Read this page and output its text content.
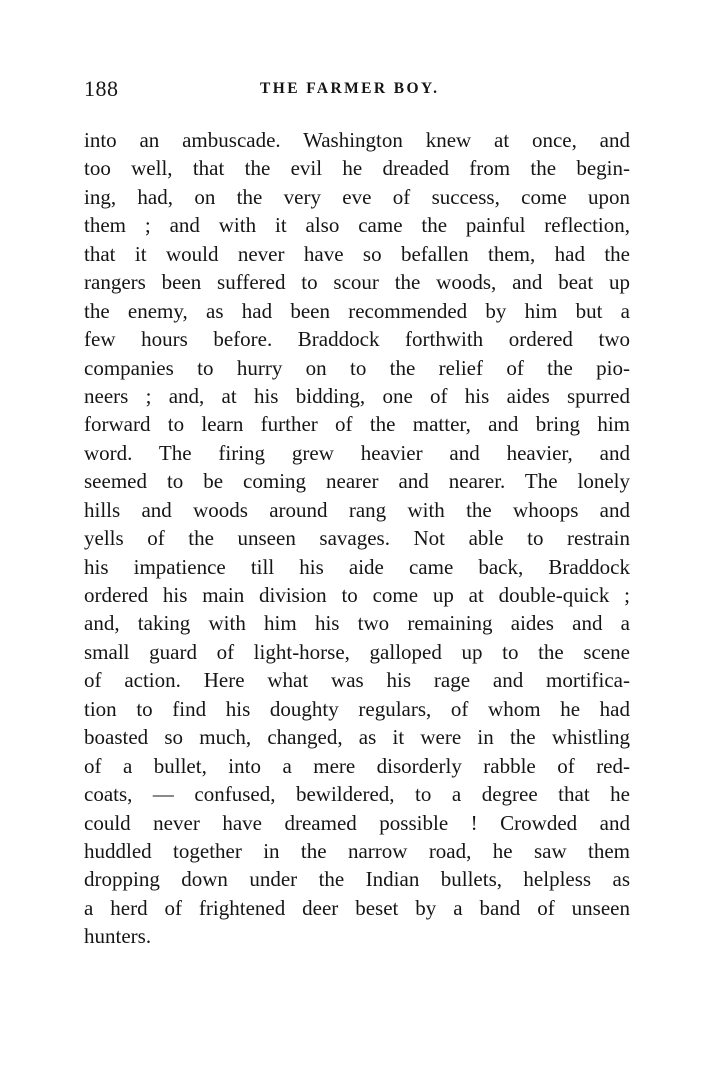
188	THE FARMER BOY.
into an ambuscade. Washington knew at once, and
too well, that the evil he dreaded from the begin-
ing, had, on the very eve of success, come upon
them ; and with it also came the painful reflection,
that it would never have so befallen them, had the
rangers been suffered to scour the woods, and beat up
the enemy, as had been recommended by him but a
few hours before. Braddock forthwith ordered two
companies to hurry on to the relief of the pio-
neers ; and, at his bidding, one of his aides spurred
forward to learn further of the matter, and bring him
word. The firing grew heavier and heavier, and
seemed to be coming nearer and nearer. The lonely
hills and woods around rang with the whoops and
yells of the unseen savages. Not able to restrain
his impatience till his aide came back, Braddock
ordered his main division to come up at double-quick ;
and, taking with him his two remaining aides and a
small guard of light-horse, galloped up to the scene
of action. Here what was his rage and mortifica-
tion to find his doughty regulars, of whom he had
boasted so much, changed, as it were in the whistling
of a bullet, into a mere disorderly rabble of red-
coats, — confused, bewildered, to a degree that he
could never have dreamed possible ! Crowded and
huddled together in the narrow road, he saw them
dropping down under the Indian bullets, helpless as
a herd of frightened deer beset by a band of unseen
hunters.
